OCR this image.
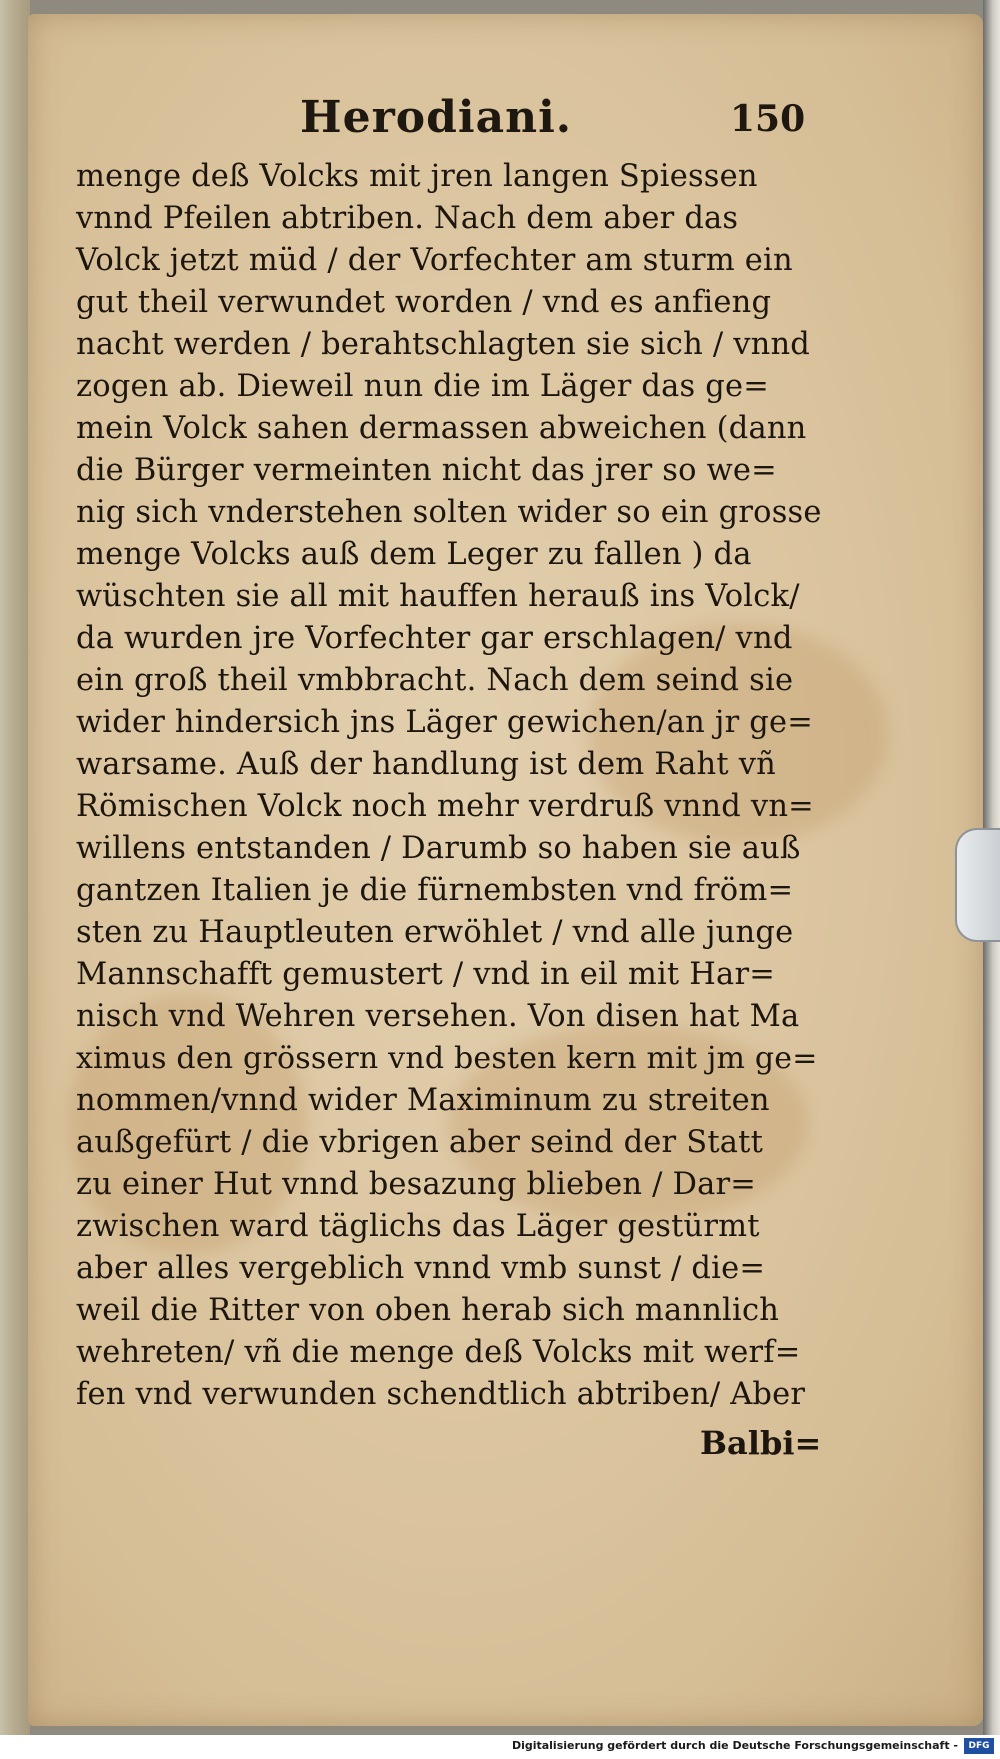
Herodiani.	150
menge deß Volcks mit jren langen Spiessen
vnnd Pfeilen abtriben. Nach dem aber das
Volck jetzt müd / der Vorfechter am sturm ein
gut theil verwundet worden / vnd es anfieng
nacht werden / berahtschlagten sie sich / vnnd
zogen ab. Dieweil nun die im Läger das ge=
mein Volck sahen dermassen abweichen (dann
die Bürger vermeinten nicht das jrer so we=
nig sich vnderstehen solten wider so ein grosse
menge Volcks auß dem Leger zu fallen ) da
wüschten sie all mit hauffen herauß ins Volck/
da wurden jre Vorfechter gar erschlagen/ vnd
ein groß theil vmbbracht. Nach dem seind sie
wider hindersich jns Läger gewichen/an jr ge=
warsame. Auß der handlung ist dem Raht vñ
Römischen Volck noch mehr verdruß vnnd vn=
willens entstanden / Darumb so haben sie auß
gantzen Italien je die fürnembsten vnd fröm=
sten zu Hauptleuten erwöhlet / vnd alle junge
Mannschafft gemustert / vnd in eil mit Har=
nisch vnd Wehren versehen. Von disen hat Ma
ximus den grössern vnd besten kern mit jm ge=
nommen/vnnd wider Maximinum zu streiten
außgefürt / die vbrigen aber seind der Statt
zu einer Hut vnnd besazung blieben / Dar=
zwischen ward täglichs das Läger gestürmt
aber alles vergeblich vnnd vmb sunst / die=
weil die Ritter von oben herab sich mannlich
wehreten/ vñ die menge deß Volcks mit werf=
fen vnd verwunden schendtlich abtriben/ Aber
Balbi=
Digitalisierung gefördert durch die Deutsche Forschungsgemeinschaft -	DFG
